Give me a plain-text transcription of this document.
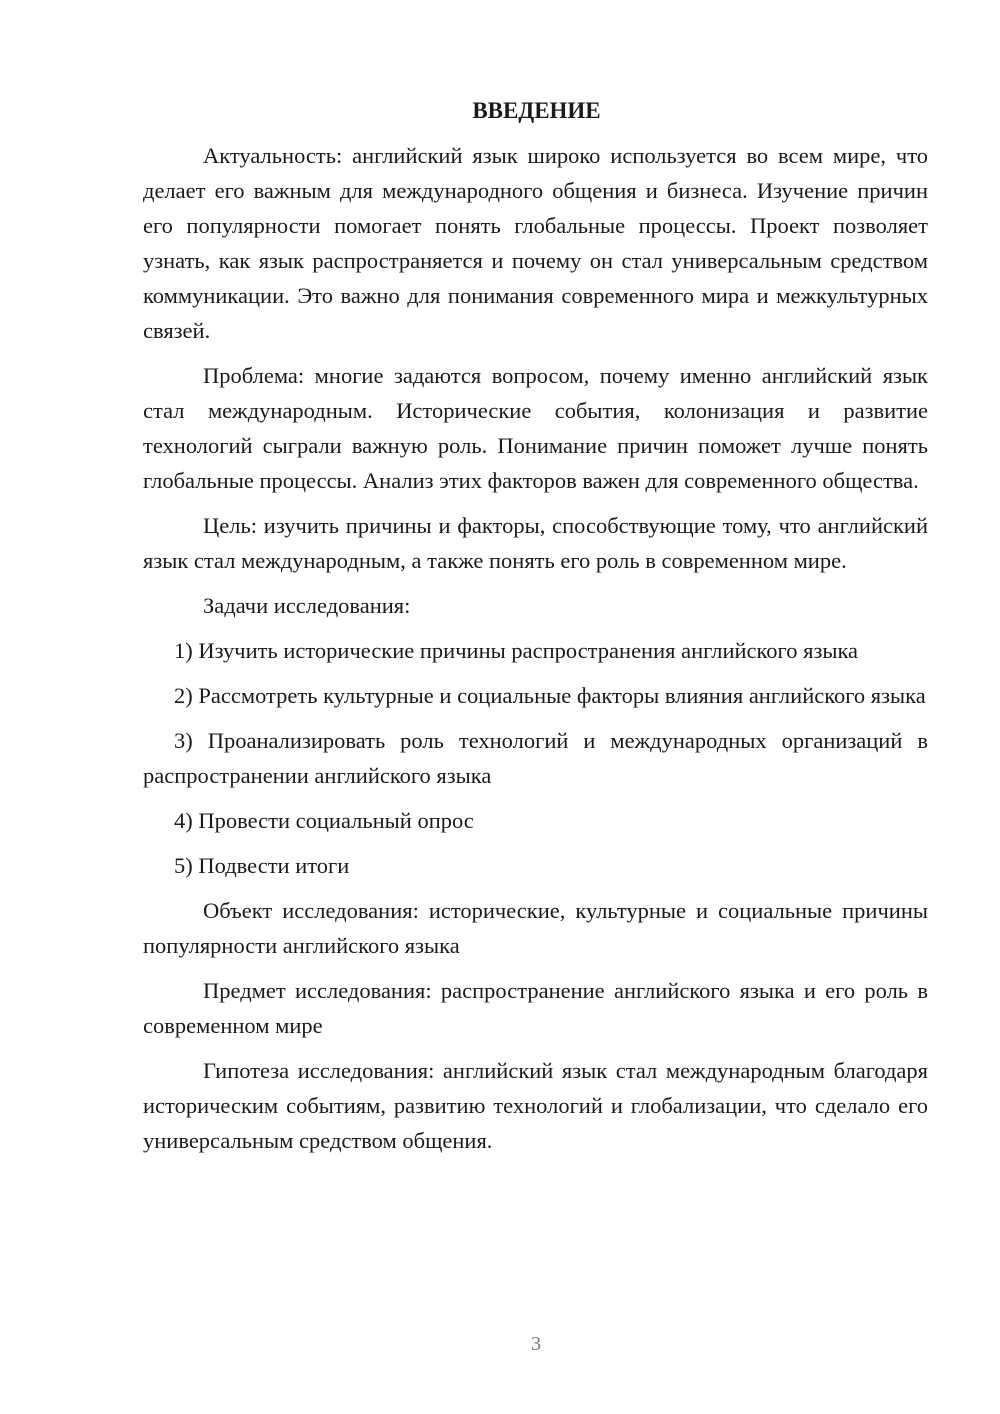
ВВЕДЕНИЕ

Актуальность: английский язык широко используется во всем мире, что делает его важным для международного общения и бизнеса. Изучение причин его популярности помогает понять глобальные процессы. Проект позволяет узнать, как язык распространяется и почему он стал универсальным средством коммуникации. Это важно для понимания современного мира и межкультурных связей.

Проблема: многие задаются вопросом, почему именно английский язык стал международным. Исторические события, колонизация и развитие технологий сыграли важную роль. Понимание причин поможет лучше понять глобальные процессы. Анализ этих факторов важен для современного общества.

Цель: изучить причины и факторы, способствующие тому, что английский язык стал международным, а также понять его роль в современном мире.

Задачи исследования:

1) Изучить исторические причины распространения английского языка

2) Рассмотреть культурные и социальные факторы влияния английского языка

3) Проанализировать роль технологий и международных организаций в распространении английского языка

4) Провести социальный опрос

5) Подвести итоги

Объект исследования: исторические, культурные и социальные причины популярности английского языка

Предмет исследования: распространение английского языка и его роль в современном мире

Гипотеза исследования: английский язык стал международным благодаря историческим событиям, развитию технологий и глобализации, что сделало его универсальным средством общения.

3
